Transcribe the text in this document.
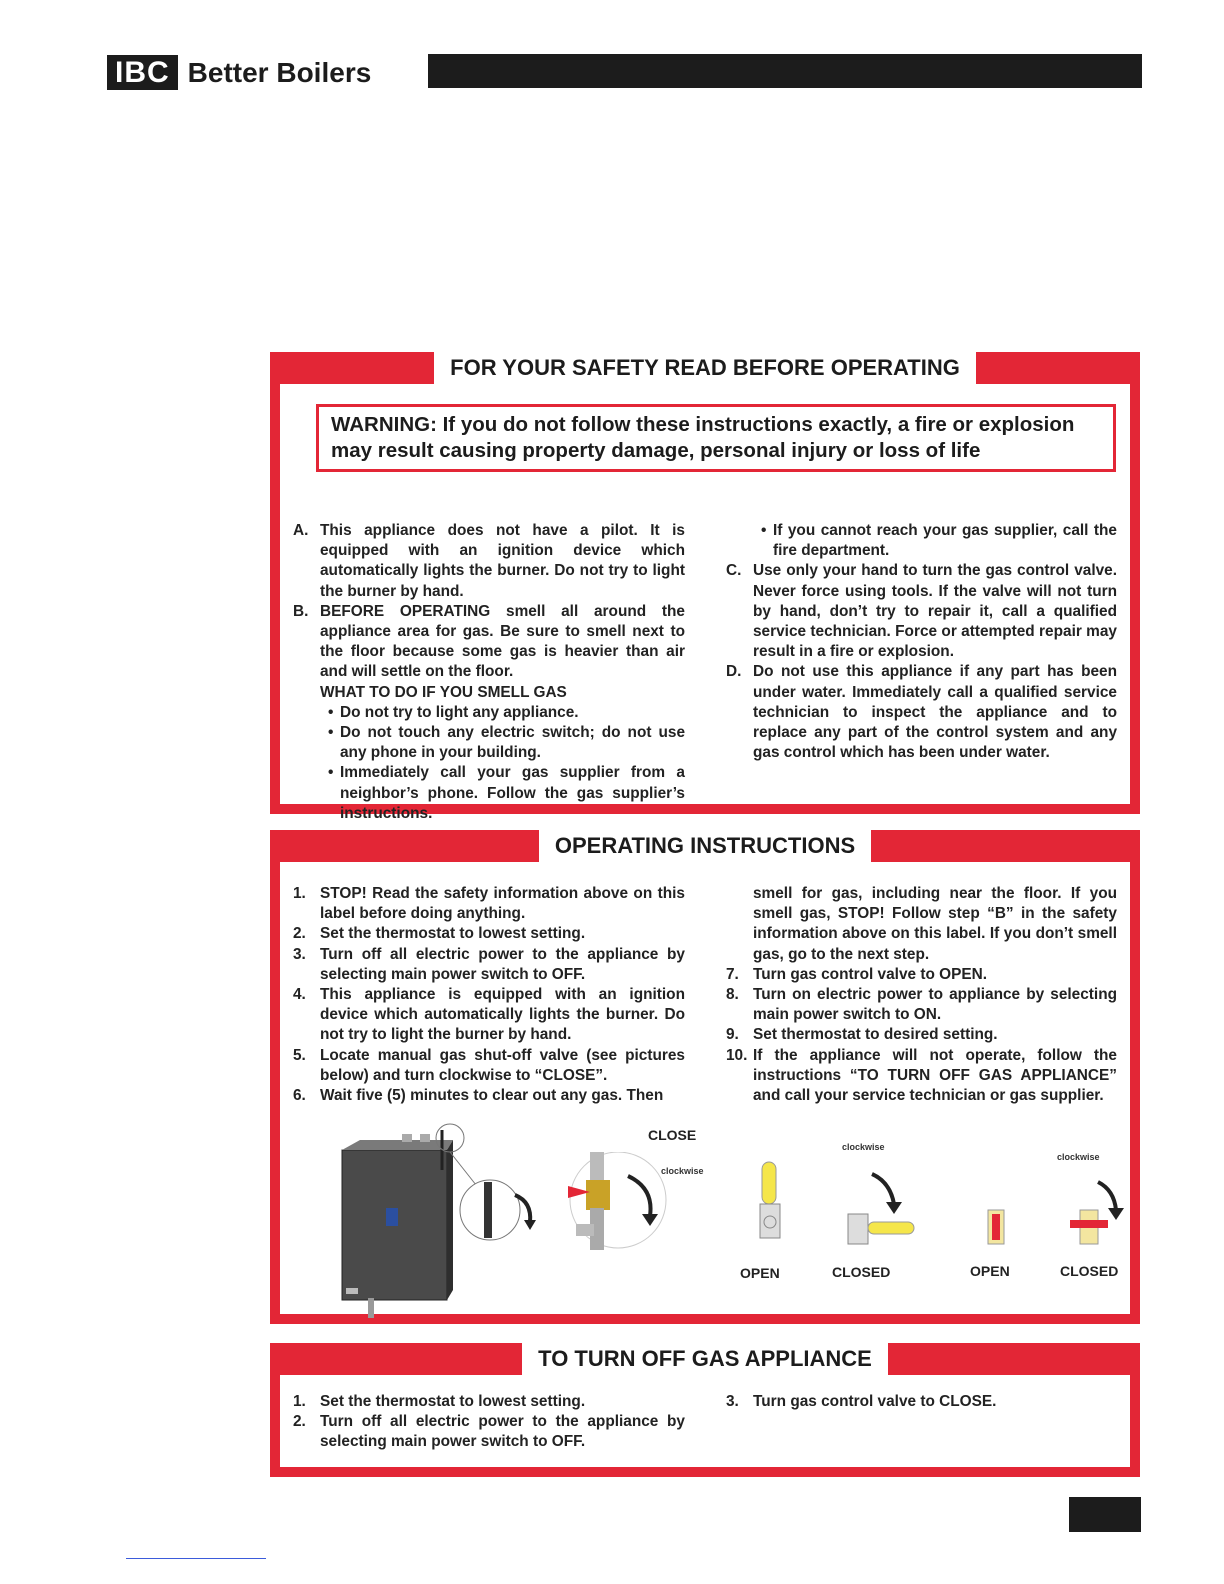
IBC Better Boilers
FOR YOUR SAFETY READ BEFORE OPERATING
WARNING: If you do not follow these instructions exactly, a fire or explosion may result causing property damage, personal injury or loss of life
A. This appliance does not have a pilot. It is equipped with an ignition device which automatically lights the burner. Do not try to light the burner by hand.
B. BEFORE OPERATING smell all around the appliance area for gas. Be sure to smell next to the floor because some gas is heavier than air and will settle on the floor.
WHAT TO DO IF YOU SMELL GAS
• Do not try to light any appliance.
• Do not touch any electric switch; do not use any phone in your building.
• Immediately call your gas supplier from a neighbor’s phone. Follow the gas supplier’s instructions.
• If you cannot reach your gas supplier, call the fire department.
C. Use only your hand to turn the gas control valve. Never force using tools. If the valve will not turn by hand, don’t try to repair it, call a qualified service technician. Force or attempted repair may result in a fire or explosion.
D. Do not use this appliance if any part has been under water. Immediately call a qualified service technician to inspect the appliance and to replace any part of the control system and any gas control which has been under water.
OPERATING INSTRUCTIONS
1. STOP! Read the safety information above on this label before doing anything.
2. Set the thermostat to lowest setting.
3. Turn off all electric power to the appliance by selecting main power switch to OFF.
4. This appliance is equipped with an ignition device which automatically lights the burner. Do not try to light the burner by hand.
5. Locate manual gas shut-off valve (see pictures below) and turn clockwise to “CLOSE”.
6. Wait five (5) minutes to clear out any gas. Then
smell for gas, including near the floor. If you smell gas, STOP! Follow step “B” in the safety information above on this label. If you don’t smell gas, go to the next step.
7. Turn gas control valve to OPEN.
8. Turn on electric power to appliance by selecting main power switch to ON.
9. Set thermostat to desired setting.
10. If the appliance will not operate, follow the instructions “TO TURN OFF GAS APPLIANCE” and call your service technician or gas supplier.
CLOSE
clockwise
clockwise
clockwise
OPEN	CLOSED	OPEN	CLOSED
TO TURN OFF GAS APPLIANCE
1. Set the thermostat to lowest setting.
2. Turn off all electric power to the appliance by selecting main power switch to OFF.
3. Turn gas control valve to CLOSE.
